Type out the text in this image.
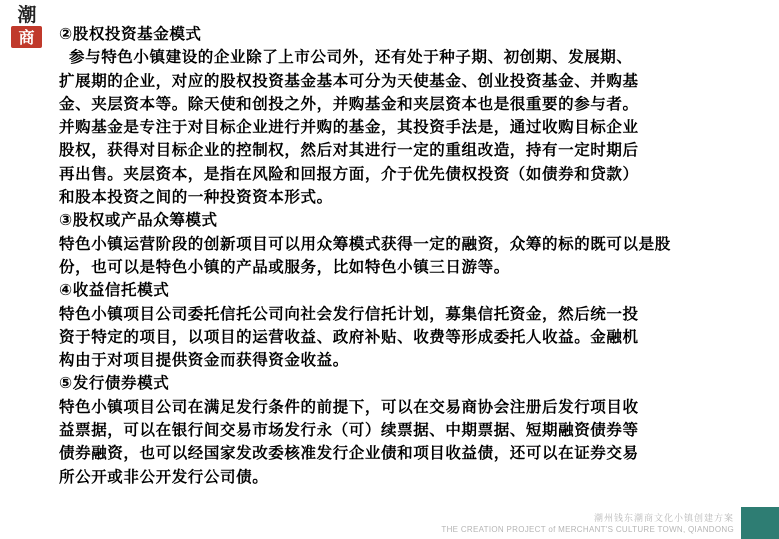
潮
商 ②股权投资基金模式
参与特色小镇建设的企业除了上市公司外，还有处于种子期、初创期、发展期、
扩展期的企业，对应的股权投资基金基本可分为天使基金、创业投资基金、并购基
金、夹层资本等。除天使和创投之外，并购基金和夹层资本也是很重要的参与者。
并购基金是专注于对目标企业进行并购的基金，其投资手法是，通过收购目标企业
股权，获得对目标企业的控制权，然后对其进行一定的重组改造，持有一定时期后
再出售。夹层资本，是指在风险和回报方面，介于优先债权投资（如债券和贷款）
和股本投资之间的一种投资资本形式。
③股权或产品众筹模式
特色小镇运营阶段的创新项目可以用众筹模式获得一定的融资，众筹的标的既可以是股
份，也可以是特色小镇的产品或服务，比如特色小镇三日游等。
④收益信托模式
特色小镇项目公司委托信托公司向社会发行信托计划，募集信托资金，然后统一投
资于特定的项目，以项目的运营收益、政府补贴、收费等形成委托人收益。金融机
构由于对项目提供资金而获得资金收益。
⑤发行债券模式
特色小镇项目公司在满足发行条件的前提下，可以在交易商协会注册后发行项目收
益票据，可以在银行间交易市场发行永（可）续票据、中期票据、短期融资债券等
债券融资，也可以经国家发改委核准发行企业债和项目收益债，还可以在证券交易
所公开或非公开发行公司债。
潮州钱东潮商文化小镇创建方案
THE CREATION PROJECT of MERCHANT'S CULTURE TOWN, QIANDONG
